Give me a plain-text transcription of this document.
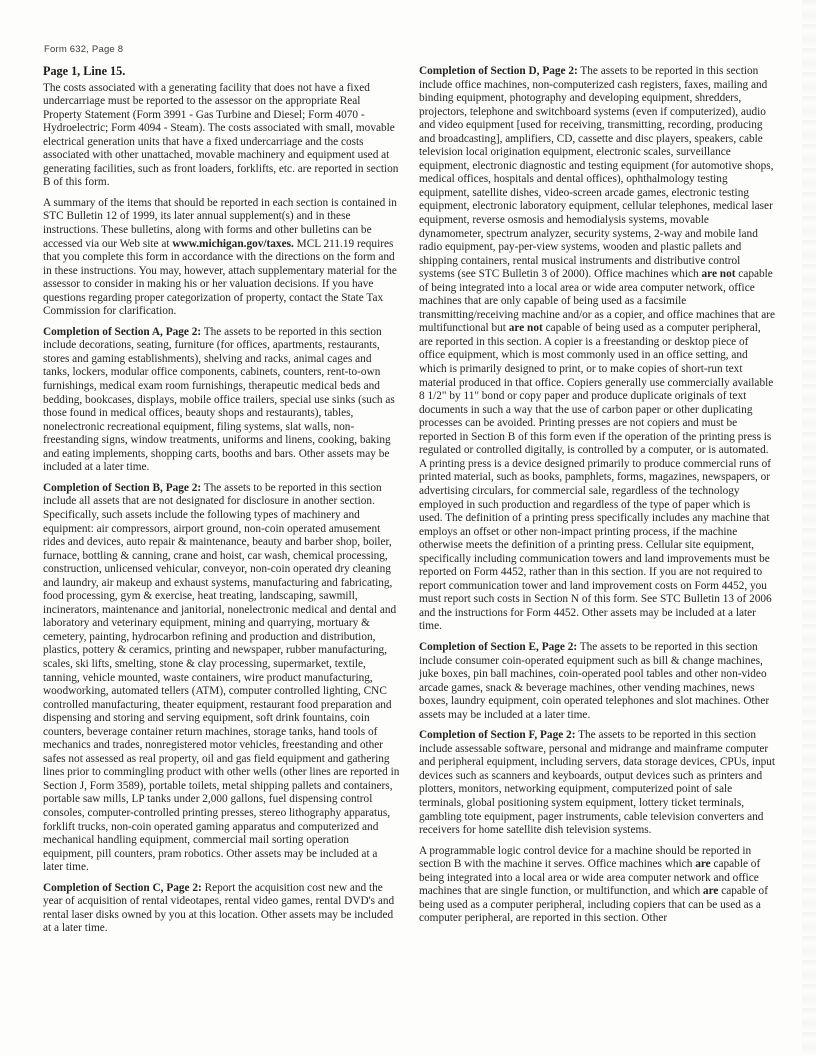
Form 632, Page 8

Page 1, Line 15.

The costs associated with a generating facility that does not have a fixed undercarriage must be reported to the assessor on the appropriate Real Property Statement (Form 3991 - Gas Turbine and Diesel; Form 4070 - Hydroelectric; Form 4094 - Steam). The costs associated with small, movable electrical generation units that have a fixed undercarriage and the costs associated with other unattached, movable machinery and equipment used at generating facilities, such as front loaders, forklifts, etc. are reported in section B of this form.

A summary of the items that should be reported in each section is contained in STC Bulletin 12 of 1999, its later annual supplement(s) and in these instructions. These bulletins, along with forms and other bulletins can be accessed via our Web site at www.michigan.gov/taxes. MCL 211.19 requires that you complete this form in accordance with the directions on the form and in these instructions. You may, however, attach supplementary material for the assessor to consider in making his or her valuation decisions. If you have questions regarding proper categorization of property, contact the State Tax Commission for clarification.

Completion of Section A, Page 2: The assets to be reported in this section include decorations, seating, furniture (for offices, apartments, restaurants, stores and gaming establishments), shelving and racks, animal cages and tanks, lockers, modular office components, cabinets, counters, rent-to-own furnishings, medical exam room furnishings, therapeutic medical beds and bedding, bookcases, displays, mobile office trailers, special use sinks (such as those found in medical offices, beauty shops and restaurants), tables, nonelectronic recreational equipment, filing systems, slat walls, non-freestanding signs, window treatments, uniforms and linens, cooking, baking and eating implements, shopping carts, booths and bars. Other assets may be included at a later time.

Completion of Section B, Page 2: The assets to be reported in this section include all assets that are not designated for disclosure in another section. Specifically, such assets include the following types of machinery and equipment: air compressors, airport ground, non-coin operated amusement rides and devices, auto repair & maintenance, beauty and barber shop, boiler, furnace, bottling & canning, crane and hoist, car wash, chemical processing, construction, unlicensed vehicular, conveyor, non-coin operated dry cleaning and laundry, air makeup and exhaust systems, manufacturing and fabricating, food processing, gym & exercise, heat treating, landscaping, sawmill, incinerators, maintenance and janitorial, nonelectronic medical and dental and laboratory and veterinary equipment, mining and quarrying, mortuary & cemetery, painting, hydrocarbon refining and production and distribution, plastics, pottery & ceramics, printing and newspaper, rubber manufacturing, scales, ski lifts, smelting, stone & clay processing, supermarket, textile, tanning, vehicle mounted, waste containers, wire product manufacturing, woodworking, automated tellers (ATM), computer controlled lighting, CNC controlled manufacturing, theater equipment, restaurant food preparation and dispensing and storing and serving equipment, soft drink fountains, coin counters, beverage container return machines, storage tanks, hand tools of mechanics and trades, nonregistered motor vehicles, freestanding and other safes not assessed as real property, oil and gas field equipment and gathering lines prior to commingling product with other wells (other lines are reported in Section J, Form 3589), portable toilets, metal shipping pallets and containers, portable saw mills, LP tanks under 2,000 gallons, fuel dispensing control consoles, computer-controlled printing presses, stereo lithography apparatus, forklift trucks, non-coin operated gaming apparatus and computerized and mechanical handling equipment, commercial mail sorting operation equipment, pill counters, pram robotics. Other assets may be included at a later time.

Completion of Section C, Page 2: Report the acquisition cost new and the year of acquisition of rental videotapes, rental video games, rental DVD's and rental laser disks owned by you at this location. Other assets may be included at a later time.

Completion of Section D, Page 2: The assets to be reported in this section include office machines, non-computerized cash registers, faxes, mailing and binding equipment, photography and developing equipment, shredders, projectors, telephone and switchboard systems (even if computerized), audio and video equipment [used for receiving, transmitting, recording, producing and broadcasting], amplifiers, CD, cassette and disc players, speakers, cable television local origination equipment, electronic scales, surveillance equipment, electronic diagnostic and testing equipment (for automotive shops, medical offices, hospitals and dental offices), ophthalmology testing equipment, satellite dishes, video-screen arcade games, electronic testing equipment, electronic laboratory equipment, cellular telephones, medical laser equipment, reverse osmosis and hemodialysis systems, movable dynamometer, spectrum analyzer, security systems, 2-way and mobile land radio equipment, pay-per-view systems, wooden and plastic pallets and shipping containers, rental musical instruments and distributive control systems (see STC Bulletin 3 of 2000). Office machines which are not capable of being integrated into a local area or wide area computer network, office machines that are only capable of being used as a facsimile transmitting/receiving machine and/or as a copier, and office machines that are multifunctional but are not capable of being used as a computer peripheral, are reported in this section. A copier is a freestanding or desktop piece of office equipment, which is most commonly used in an office setting, and which is primarily designed to print, or to make copies of short-run text material produced in that office. Copiers generally use commercially available 8 1/2" by 11" bond or copy paper and produce duplicate originals of text documents in such a way that the use of carbon paper or other duplicating processes can be avoided. Printing presses are not copiers and must be reported in Section B of this form even if the operation of the printing press is regulated or controlled digitally, is controlled by a computer, or is automated. A printing press is a device designed primarily to produce commercial runs of printed material, such as books, pamphlets, forms, magazines, newspapers, or advertising circulars, for commercial sale, regardless of the technology employed in such production and regardless of the type of paper which is used. The definition of a printing press specifically includes any machine that employs an offset or other non-impact printing process, if the machine otherwise meets the definition of a printing press. Cellular site equipment, specifically including communication towers and land improvements must be reported on Form 4452, rather than in this section. If you are not required to report communication tower and land improvement costs on Form 4452, you must report such costs in Section N of this form. See STC Bulletin 13 of 2006 and the instructions for Form 4452. Other assets may be included at a later time.

Completion of Section E, Page 2: The assets to be reported in this section include consumer coin-operated equipment such as bill & change machines, juke boxes, pin ball machines, coin-operated pool tables and other non-video arcade games, snack & beverage machines, other vending machines, news boxes, laundry equipment, coin operated telephones and slot machines. Other assets may be included at a later time.

Completion of Section F, Page 2: The assets to be reported in this section include assessable software, personal and midrange and mainframe computer and peripheral equipment, including servers, data storage devices, CPUs, input devices such as scanners and keyboards, output devices such as printers and plotters, monitors, networking equipment, computerized point of sale terminals, global positioning system equipment, lottery ticket terminals, gambling tote equipment, pager instruments, cable television converters and receivers for home satellite dish television systems.

A programmable logic control device for a machine should be reported in section B with the machine it serves. Office machines which are capable of being integrated into a local area or wide area computer network and office machines that are single function, or multifunction, and which are capable of being used as a computer peripheral, including copiers that can be used as a computer peripheral, are reported in this section. Other
